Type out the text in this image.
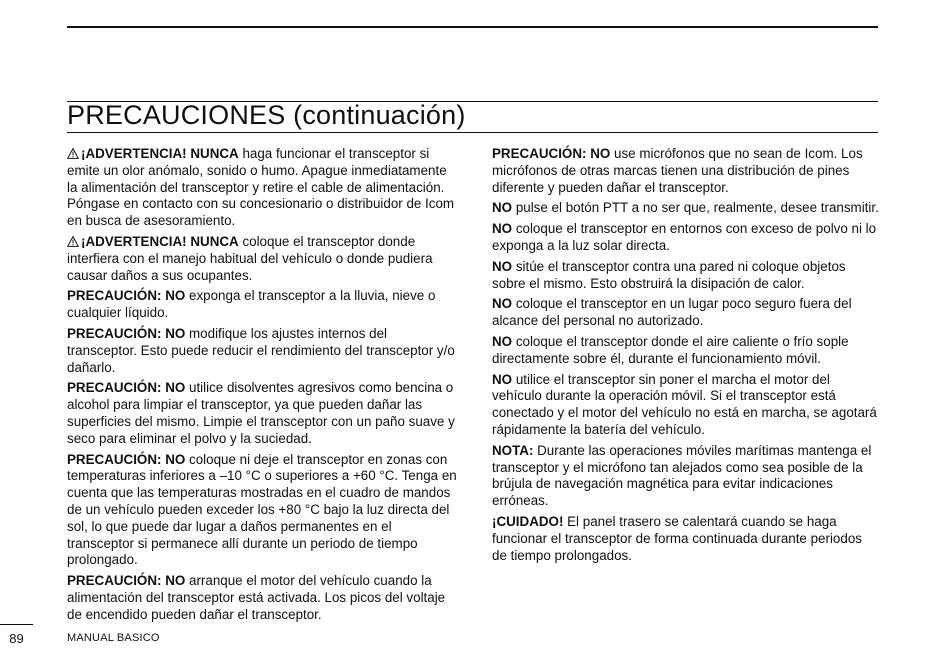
PRECAUCIONES (continuación)

¡ADVERTENCIA! NUNCA haga funcionar el transceptor si emite un olor anómalo, sonido o humo. Apague inmediatamente la alimentación del transceptor y retire el cable de alimentación. Póngase en contacto con su concesionario o distribuidor de Icom en busca de asesoramiento.

¡ADVERTENCIA! NUNCA coloque el transceptor donde interfiera con el manejo habitual del vehículo o donde pudiera causar daños a sus ocupantes.

PRECAUCIÓN: NO exponga el transceptor a la lluvia, nieve o cualquier líquido.

PRECAUCIÓN: NO modifique los ajustes internos del transceptor. Esto puede reducir el rendimiento del transceptor y/o dañarlo.

PRECAUCIÓN: NO utilice disolventes agresivos como bencina o alcohol para limpiar el transceptor, ya que pueden dañar las superficies del mismo. Limpie el transceptor con un paño suave y seco para eliminar el polvo y la suciedad.

PRECAUCIÓN: NO coloque ni deje el transceptor en zonas con temperaturas inferiores a –10 °C o superiores a +60 °C. Tenga en cuenta que las temperaturas mostradas en el cuadro de mandos de un vehículo pueden exceder los +80 °C bajo la luz directa del sol, lo que puede dar lugar a daños permanentes en el transceptor si permanece allí durante un periodo de tiempo prolongado.

PRECAUCIÓN: NO arranque el motor del vehículo cuando la alimentación del transceptor está activada. Los picos del voltaje de encendido pueden dañar el transceptor.

PRECAUCIÓN: NO use micrófonos que no sean de Icom. Los micrófonos de otras marcas tienen una distribución de pines diferente y pueden dañar el transceptor.

NO pulse el botón PTT a no ser que, realmente, desee transmitir.

NO coloque el transceptor en entornos con exceso de polvo ni lo exponga a la luz solar directa.

NO sitúe el transceptor contra una pared ni coloque objetos sobre el mismo. Esto obstruirá la disipación de calor.

NO coloque el transceptor en un lugar poco seguro fuera del alcance del personal no autorizado.

NO coloque el transceptor donde el aire caliente o frío sople directamente sobre él, durante el funcionamiento móvil.

NO utilice el transceptor sin poner el marcha el motor del vehículo durante la operación móvil. Si el transceptor está conectado y el motor del vehículo no está en marcha, se agotará rápidamente la batería del vehículo.

NOTA: Durante las operaciones móviles marítimas mantenga el transceptor y el micrófono tan alejados como sea posible de la brújula de navegación magnética para evitar indicaciones erróneas.

¡CUIDADO! El panel trasero se calentará cuando se haga funcionar el transceptor de forma continuada durante periodos de tiempo prolongados.

89	MANUAL BASICO
